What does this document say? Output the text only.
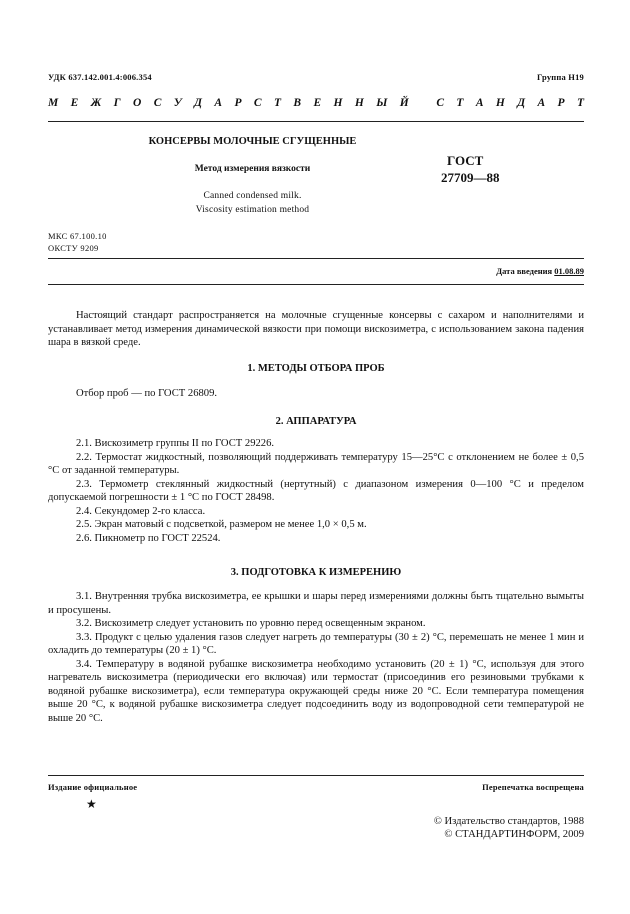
УДК 637.142.001.4:006.354	Группа Н19
М Е Ж Г О С У Д А Р С Т В Е Н Н Ы Й
С Т А Н Д А Р Т
КОНСЕРВЫ МОЛОЧНЫЕ СГУЩЕННЫЕ
Метод измерения вязкости
Canned condensed milk.
Viscosity estimation method
ГОСТ
27709—88
МКС 67.100.10
ОКСТУ 9209
Дата введения 01.08.89

Настоящий стандарт распространяется на молочные сгущенные консервы с сахаром и наполнителями и устанавливает метод измерения динамической вязкости при помощи вискозиметра, с использованием закона падения шара в вязкой среде.

1. МЕТОДЫ ОТБОРА ПРОБ

Отбор проб — по ГОСТ 26809.

2. АППАРАТУРА

2.1. Вискозиметр группы II по ГОСТ 29226.

2.2. Термостат жидкостный, позволяющий поддерживать температуру 15—25°С с отклонением не более ± 0,5 °С от заданной температуры.

2.3. Термометр стеклянный жидкостный (нертутный) с диапазоном измерения 0—100 °С и пределом допускаемой погрешности ± 1 °С по ГОСТ 28498.

2.4. Секундомер 2-го класса.

2.5. Экран матовый с подсветкой, размером не менее 1,0 × 0,5 м.

2.6. Пикнометр по ГОСТ 22524.

3. ПОДГОТОВКА К ИЗМЕРЕНИЮ

3.1. Внутренняя трубка вискозиметра, ее крышки и шары перед измерениями должны быть тщательно вымыты и просушены.

3.2. Вискозиметр следует установить по уровню перед освещенным экраном.

3.3. Продукт с целью удаления газов следует нагреть до температуры (30 ± 2) °С, перемешать не менее 1 мин и охладить до температуры (20 ± 1) °С.

3.4. Температуру в водяной рубашке вискозиметра необходимо установить (20 ± 1) °С, используя для этого нагреватель вискозиметра (периодически его включая) или термостат (присоединив его резиновыми трубками к водяной рубашке вискозиметра), если температура окружающей среды ниже 20 °С. Если температура помещения выше 20 °С, к водяной рубашке вискозиметра следует подсоединить воду из водопроводной сети температурой не выше 20 °С.

Издание официальное	Перепечатка воспрещена
★
© Издательство стандартов, 1988
© СТАНДАРТИНФОРМ, 2009
